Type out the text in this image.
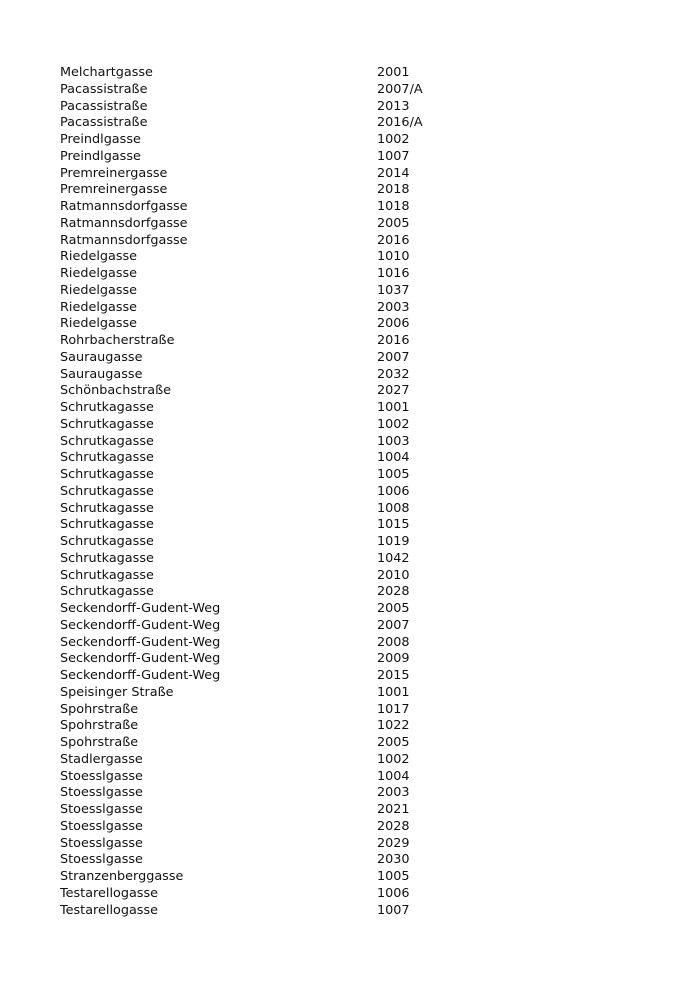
Melchartgasse	2001
Pacassistraße	2007/A
Pacassistraße	2013
Pacassistraße	2016/A
Preindlgasse	1002
Preindlgasse	1007
Premreinergasse	2014
Premreinergasse	2018
Ratmannsdorfgasse	1018
Ratmannsdorfgasse	2005
Ratmannsdorfgasse	2016
Riedelgasse	1010
Riedelgasse	1016
Riedelgasse	1037
Riedelgasse	2003
Riedelgasse	2006
Rohrbacherstraße	2016
Sauraugasse	2007
Sauraugasse	2032
Schönbachstraße	2027
Schrutkagasse	1001
Schrutkagasse	1002
Schrutkagasse	1003
Schrutkagasse	1004
Schrutkagasse	1005
Schrutkagasse	1006
Schrutkagasse	1008
Schrutkagasse	1015
Schrutkagasse	1019
Schrutkagasse	1042
Schrutkagasse	2010
Schrutkagasse	2028
Seckendorff-Gudent-Weg	2005
Seckendorff-Gudent-Weg	2007
Seckendorff-Gudent-Weg	2008
Seckendorff-Gudent-Weg	2009
Seckendorff-Gudent-Weg	2015
Speisinger Straße	1001
Spohrstraße	1017
Spohrstraße	1022
Spohrstraße	2005
Stadlergasse	1002
Stoesslgasse	1004
Stoesslgasse	2003
Stoesslgasse	2021
Stoesslgasse	2028
Stoesslgasse	2029
Stoesslgasse	2030
Stranzenberggasse	1005
Testarellogasse	1006
Testarellogasse	1007
